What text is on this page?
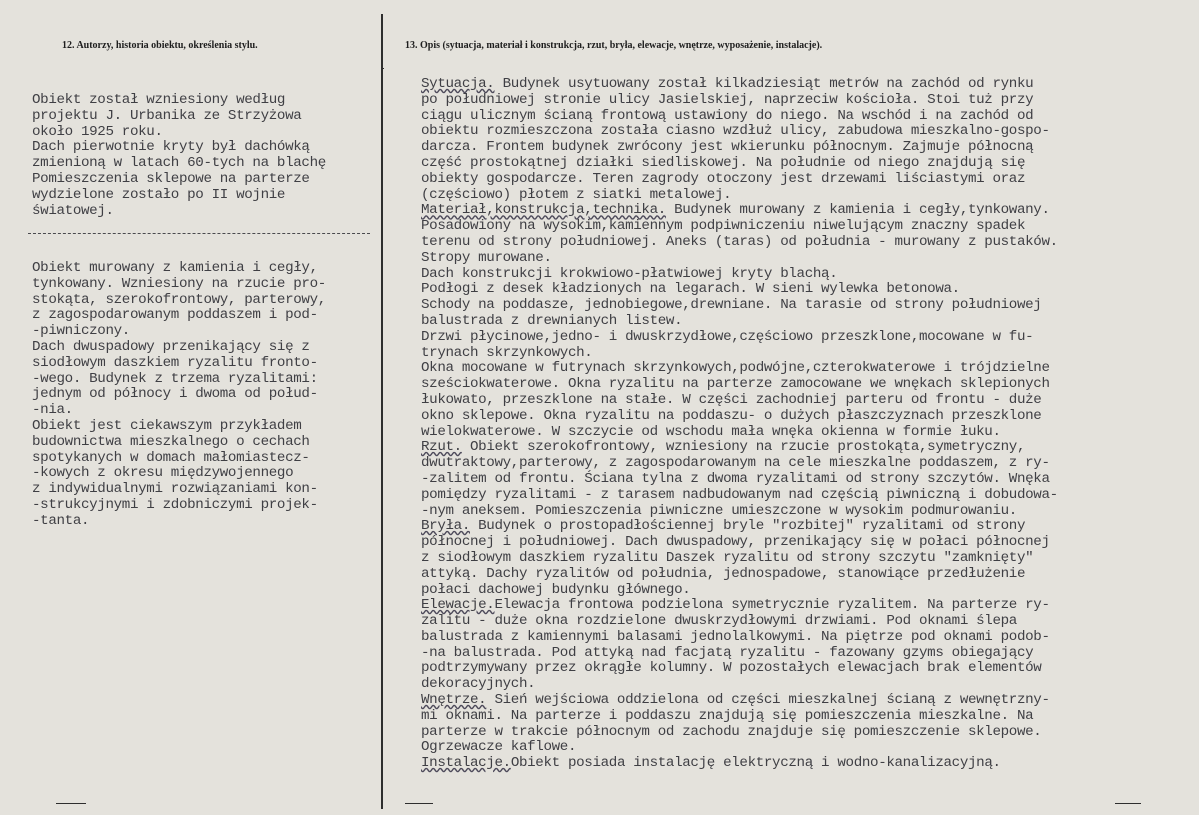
12. Autorzy, historia obiektu, określenia stylu.	13. Opis (sytuacja, materiał i konstrukcja, rzut, bryła, elewacje, wnętrze, wyposażenie, instalacje).
Obiekt został wzniesiony według
projektu J. Urbanika ze Strzyżowa
około 1925 roku.
Dach pierwotnie kryty był dachówką
zmienioną w latach 60-tych na blachę
Pomieszczenia sklepowe na parterze
wydzielone zostało po II wojnie
światowej.
Obiekt murowany z kamienia i cegły,
tynkowany. Wzniesiony na rzucie pro-
stokąta, szerokofrontowy, parterowy,
z zagospodarowanym poddaszem i pod-
-piwniczony.
Dach dwuspadowy przenikający się z
siodłowym daszkiem ryzalitu fronto-
-wego. Budynek z trzema ryzalitami:
jednym od północy i dwoma od połud-
-nia.
Obiekt jest ciekawszym przykładem
budownictwa mieszkalnego o cechach
spotykanych w domach małomiastecz-
-kowych z okresu międzywojennego
z indywidualnymi rozwiązaniami kon-
-strukcyjnymi i zdobniczymi projek-
-tanta.
Sytuacja. Budynek usytuowany został kilkadziesiąt metrów na zachód od rynku
po południowej stronie ulicy Jasielskiej, naprzeciw kościoła. Stoi tuż przy
ciągu ulicznym ścianą frontową ustawiony do niego. Na wschód i na zachód od
obiektu rozmieszczona została ciasno wzdłuż ulicy, zabudowa mieszkalno-gospo-
darcza. Frontem budynek zwrócony jest wkierunku północnym. Zajmuje północną
część prostokątnej działki siedliskowej. Na południe od niego znajdują się
obiekty gospodarcze. Teren zagrody otoczony jest drzewami liściastymi oraz
(częściowo) płotem z siatki metalowej.
Materiał,konstrukcja,technika. Budynek murowany z kamienia i cegły,tynkowany.
Posadowiony na wysokim,kamiennym podpiwniczeniu niwelującym znaczny spadek
terenu od strony południowej. Aneks (taras) od południa - murowany z pustaków.
Stropy murowane.
Dach konstrukcji krokwiowo-płatwiowej kryty blachą.
Podłogi z desek kładzionych na legarach. W sieni wylewka betonowa.
Schody na poddasze, jednobiegowe,drewniane. Na tarasie od strony południowej
balustrada z drewnianych listew.
Drzwi płycinowe,jedno- i dwuskrzydłowe,częściowo przeszklone,mocowane w fu-
trynach skrzynkowych.
Okna mocowane w futrynach skrzynkowych,podwójne,czterokwaterowe i trójdzielne
sześciokwaterowe. Okna ryzalitu na parterze zamocowane we wnękach sklepionych
łukowato, przeszklone na stałe. W części zachodniej parteru od frontu - duże
okno sklepowe. Okna ryzalitu na poddaszu- o dużych płaszczyznach przeszklone
wielokwaterowe. W szczycie od wschodu mała wnęka okienna w formie łuku.
Rzut. Obiekt szerokofrontowy, wzniesiony na rzucie prostokąta,symetryczny,
dwutraktowy,parterowy, z zagospodarowanym na cele mieszkalne poddaszem, z ry-
-zalitem od frontu. Ściana tylna z dwoma ryzalitami od strony szczytów. Wnęka
pomiędzy ryzalitami - z tarasem nadbudowanym nad częścią piwniczną i dobudowa-
-nym aneksem. Pomieszczenia piwniczne umieszczone w wysokim podmurowaniu.
Bryła. Budynek o prostopadłościennej bryle "rozbitej" ryzalitami od strony
północnej i południowej. Dach dwuspadowy, przenikający się w połaci północnej
z siodłowym daszkiem ryzalitu Daszek ryzalitu od strony szczytu "zamknięty"
attyką. Dachy ryzalitów od południa, jednospadowe, stanowiące przedłużenie
połaci dachowej budynku głównego.
Elewacje.Elewacja frontowa podzielona symetrycznie ryzalitem. Na parterze ry-
zalitu - duże okna rozdzielone dwuskrzydłowymi drzwiami. Pod oknami ślepa
balustrada z kamiennymi balasami jednolalkowymi. Na piętrze pod oknami podob-
-na balustrada. Pod attyką nad facjatą ryzalitu - fazowany gzyms obiegający
podtrzymywany przez okrągłe kolumny. W pozostałych elewacjach brak elementów
dekoracyjnych.
Wnętrze. Sień wejściowa oddzielona od części mieszkalnej ścianą z wewnętrzny-
mi oknami. Na parterze i poddaszu znajdują się pomieszczenia mieszkalne. Na
parterze w trakcie północnym od zachodu znajduje się pomieszczenie sklepowe.
Ogrzewacze kaflowe.
Instalacje.Obiekt posiada instalację elektryczną i wodno-kanalizacyjną.
